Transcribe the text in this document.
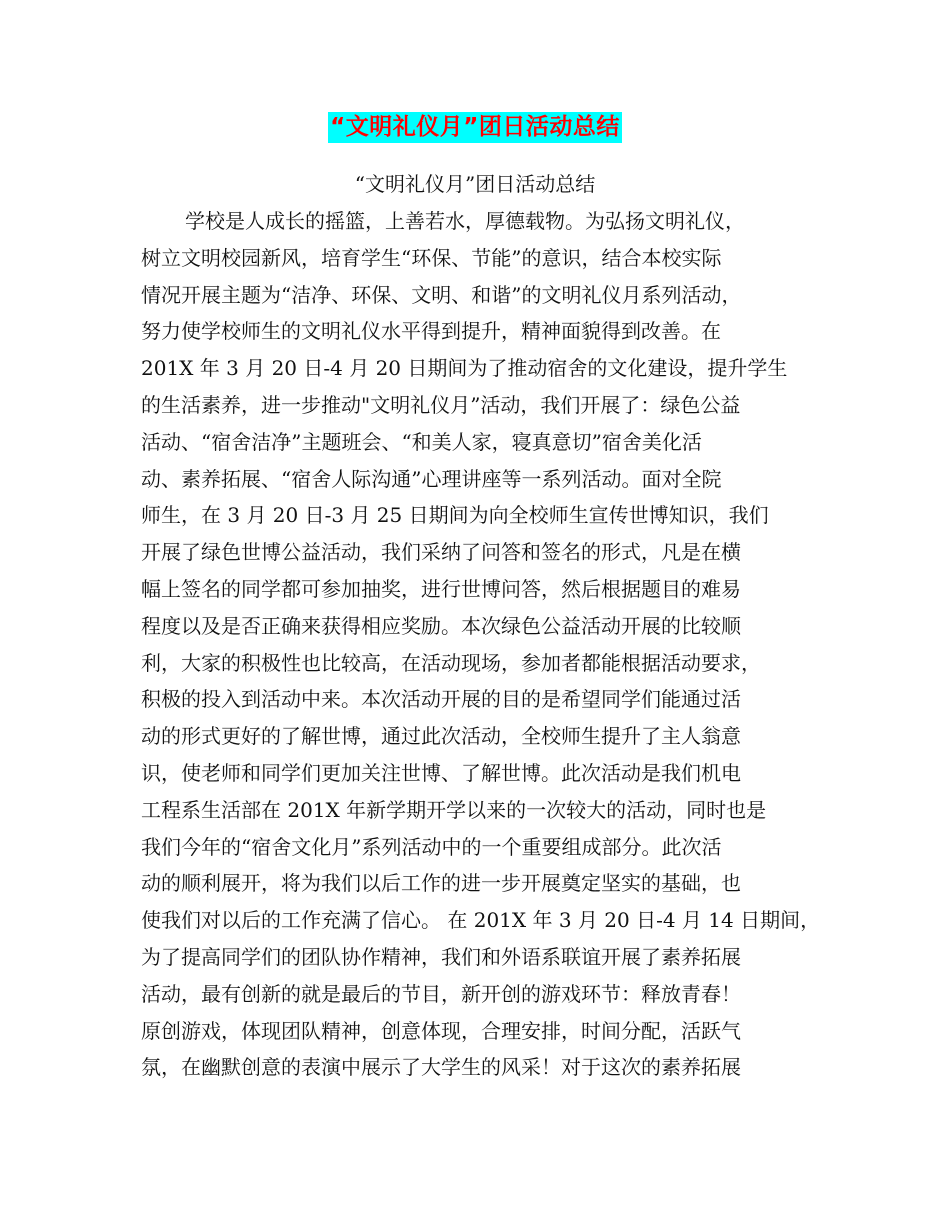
“文明礼仪月”团日活动总结
“文明礼仪月”团日活动总结
学校是人成长的摇篮，上善若水，厚德载物。为弘扬文明礼仪，
树立文明校园新风，培育学生“环保、节能”的意识，结合本校实际
情况开展主题为“洁净、环保、文明、和谐”的文明礼仪月系列活动，
努力使学校师生的文明礼仪水平得到提升，精神面貌得到改善。在
201X 年 3 月 20 日-4 月 20 日期间为了推动宿舍的文化建设，提升学生
的生活素养，进一步推动"文明礼仪月”活动，我们开展了：绿色公益
活动、“宿舍洁净”主题班会、“和美人家，寝真意切”宿舍美化活
动、素养拓展、“宿舍人际沟通”心理讲座等一系列活动。面对全院
师生，在 3 月 20 日-3 月 25 日期间为向全校师生宣传世博知识，我们
开展了绿色世博公益活动，我们采纳了问答和签名的形式，凡是在横
幅上签名的同学都可参加抽奖，进行世博问答，然后根据题目的难易
程度以及是否正确来获得相应奖励。本次绿色公益活动开展的比较顺
利，大家的积极性也比较高，在活动现场，参加者都能根据活动要求，
积极的投入到活动中来。本次活动开展的目的是希望同学们能通过活
动的形式更好的了解世博，通过此次活动，全校师生提升了主人翁意
识，使老师和同学们更加关注世博、了解世博。此次活动是我们机电
工程系生活部在 201X 年新学期开学以来的一次较大的活动，同时也是
我们今年的“宿舍文化月”系列活动中的一个重要组成部分。此次活
动的顺利展开，将为我们以后工作的进一步开展奠定坚实的基础，也
使我们对以后的工作充满了信心。 在 201X 年 3 月 20 日-4 月 14 日期间，
为了提高同学们的团队协作精神，我们和外语系联谊开展了素养拓展
活动，最有创新的就是最后的节目，新开创的游戏环节：释放青春！
原创游戏，体现团队精神，创意体现，合理安排，时间分配，活跃气
氛，在幽默创意的表演中展示了大学生的风采！对于这次的素养拓展
